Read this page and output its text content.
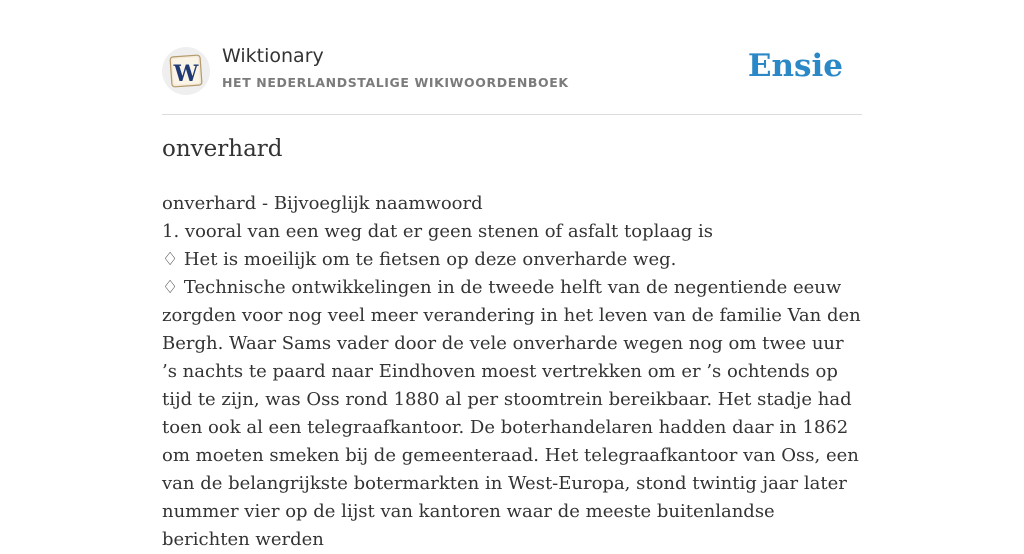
W
Wiktionary
HET NEDERLANDSTALIGE WIKIWOORDENBOEK	Ensie
onverhard

onverhard - Bijvoeglijk naamwoord

1. vooral van een weg dat er geen stenen of asfalt toplaag is

♢ Het is moeilijk om te fietsen op deze onverharde weg.

♢ Technische ontwikkelingen in de tweede helft van de negentiende eeuw zorgden voor nog veel meer verandering in het leven van de familie Van den Bergh. Waar Sams vader door de vele onverharde wegen nog om twee uur ’s nachts te paard naar Eindhoven moest vertrekken om er ’s ochtends op tijd te zijn, was Oss rond 1880 al per stoomtrein bereikbaar. Het stadje had toen ook al een telegraafkantoor. De boterhandelaren hadden daar in 1862 om moeten smeken bij de gemeenteraad. Het telegraafkantoor van Oss, een van de belangrijkste botermarkten in West-Europa, stond twintig jaar later nummer vier op de lijst van kantoren waar de meeste buitenlandse berichten werden
